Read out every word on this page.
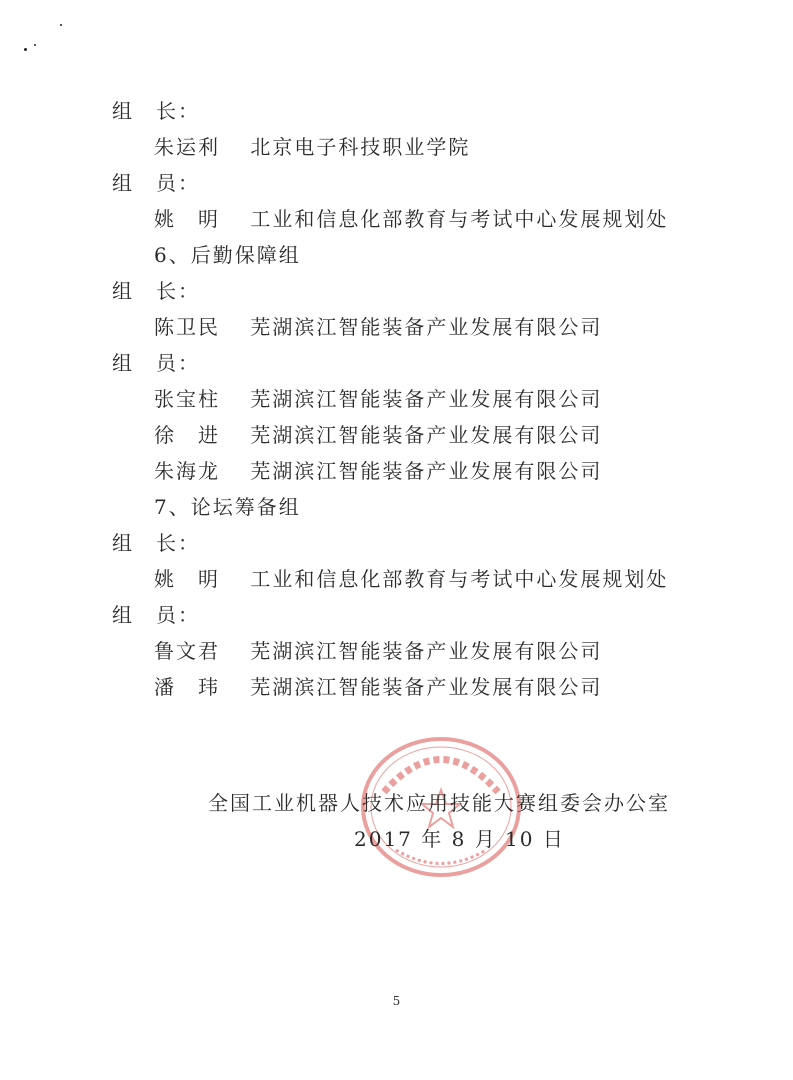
组　长：
朱运利 北京电子科技职业学院
组　员：
姚　明 工业和信息化部教育与考试中心发展规划处
6、后勤保障组
组　长：
陈卫民 芜湖滨江智能装备产业发展有限公司
组　员：
张宝柱 芜湖滨江智能装备产业发展有限公司
徐　进 芜湖滨江智能装备产业发展有限公司
朱海龙 芜湖滨江智能装备产业发展有限公司
7、论坛筹备组
组　长：
姚　明 工业和信息化部教育与考试中心发展规划处
组　员：
鲁文君 芜湖滨江智能装备产业发展有限公司
潘　玮 芜湖滨江智能装备产业发展有限公司
全国工业机器人技术应用技能大赛组委会办公室
2017 年 8 月 10 日
5
